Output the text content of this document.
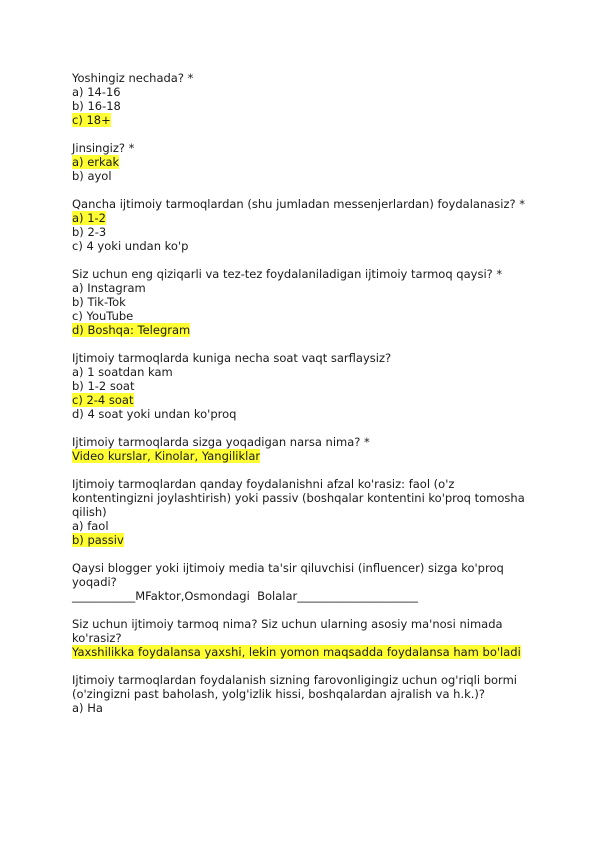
Yoshingiz nechada? *
a) 14-16
b) 16-18
c) 18+
Jinsingiz? *
a) erkak
b) ayol
Qancha ijtimoiy tarmoqlardan (shu jumladan messenjerlardan) foydalanasiz? *
a) 1-2
b) 2-3
c) 4 yoki undan ko'p
Siz uchun eng qiziqarli va tez-tez foydalaniladigan ijtimoiy tarmoq qaysi? *
a) Instagram
b) Tik-Tok
c) YouTube
d) Boshqa: Telegram
Ijtimoiy tarmoqlarda kuniga necha soat vaqt sarflaysiz?
a) 1 soatdan kam
b) 1-2 soat
c) 2-4 soat
d) 4 soat yoki undan ko'proq
Ijtimoiy tarmoqlarda sizga yoqadigan narsa nima? *
Video kurslar, Kinolar, Yangiliklar
Ijtimoiy tarmoqlardan qanday foydalanishni afzal ko'rasiz: faol (o'z kontentingizni joylashtirish) yoki passiv (boshqalar kontentini ko'proq tomosha qilish)
a) faol
b) passiv
Qaysi blogger yoki ijtimoiy media ta'sir qiluvchisi (influencer) sizga ko'proq yoqadi?
___________MFaktor,Osmondagi  Bolalar_____________________
Siz uchun ijtimoiy tarmoq nima? Siz uchun ularning asosiy ma'nosi nimada ko'rasiz?
Yaxshilikka foydalansa yaxshi, lekin yomon maqsadda foydalansa ham bo'ladi
Ijtimoiy tarmoqlardan foydalanish sizning farovonligingiz uchun og'riqli bormi (o'zingizni past baholash, yolg'izlik hissi, boshqalardan ajralish va h.k.)?
a) Ha
